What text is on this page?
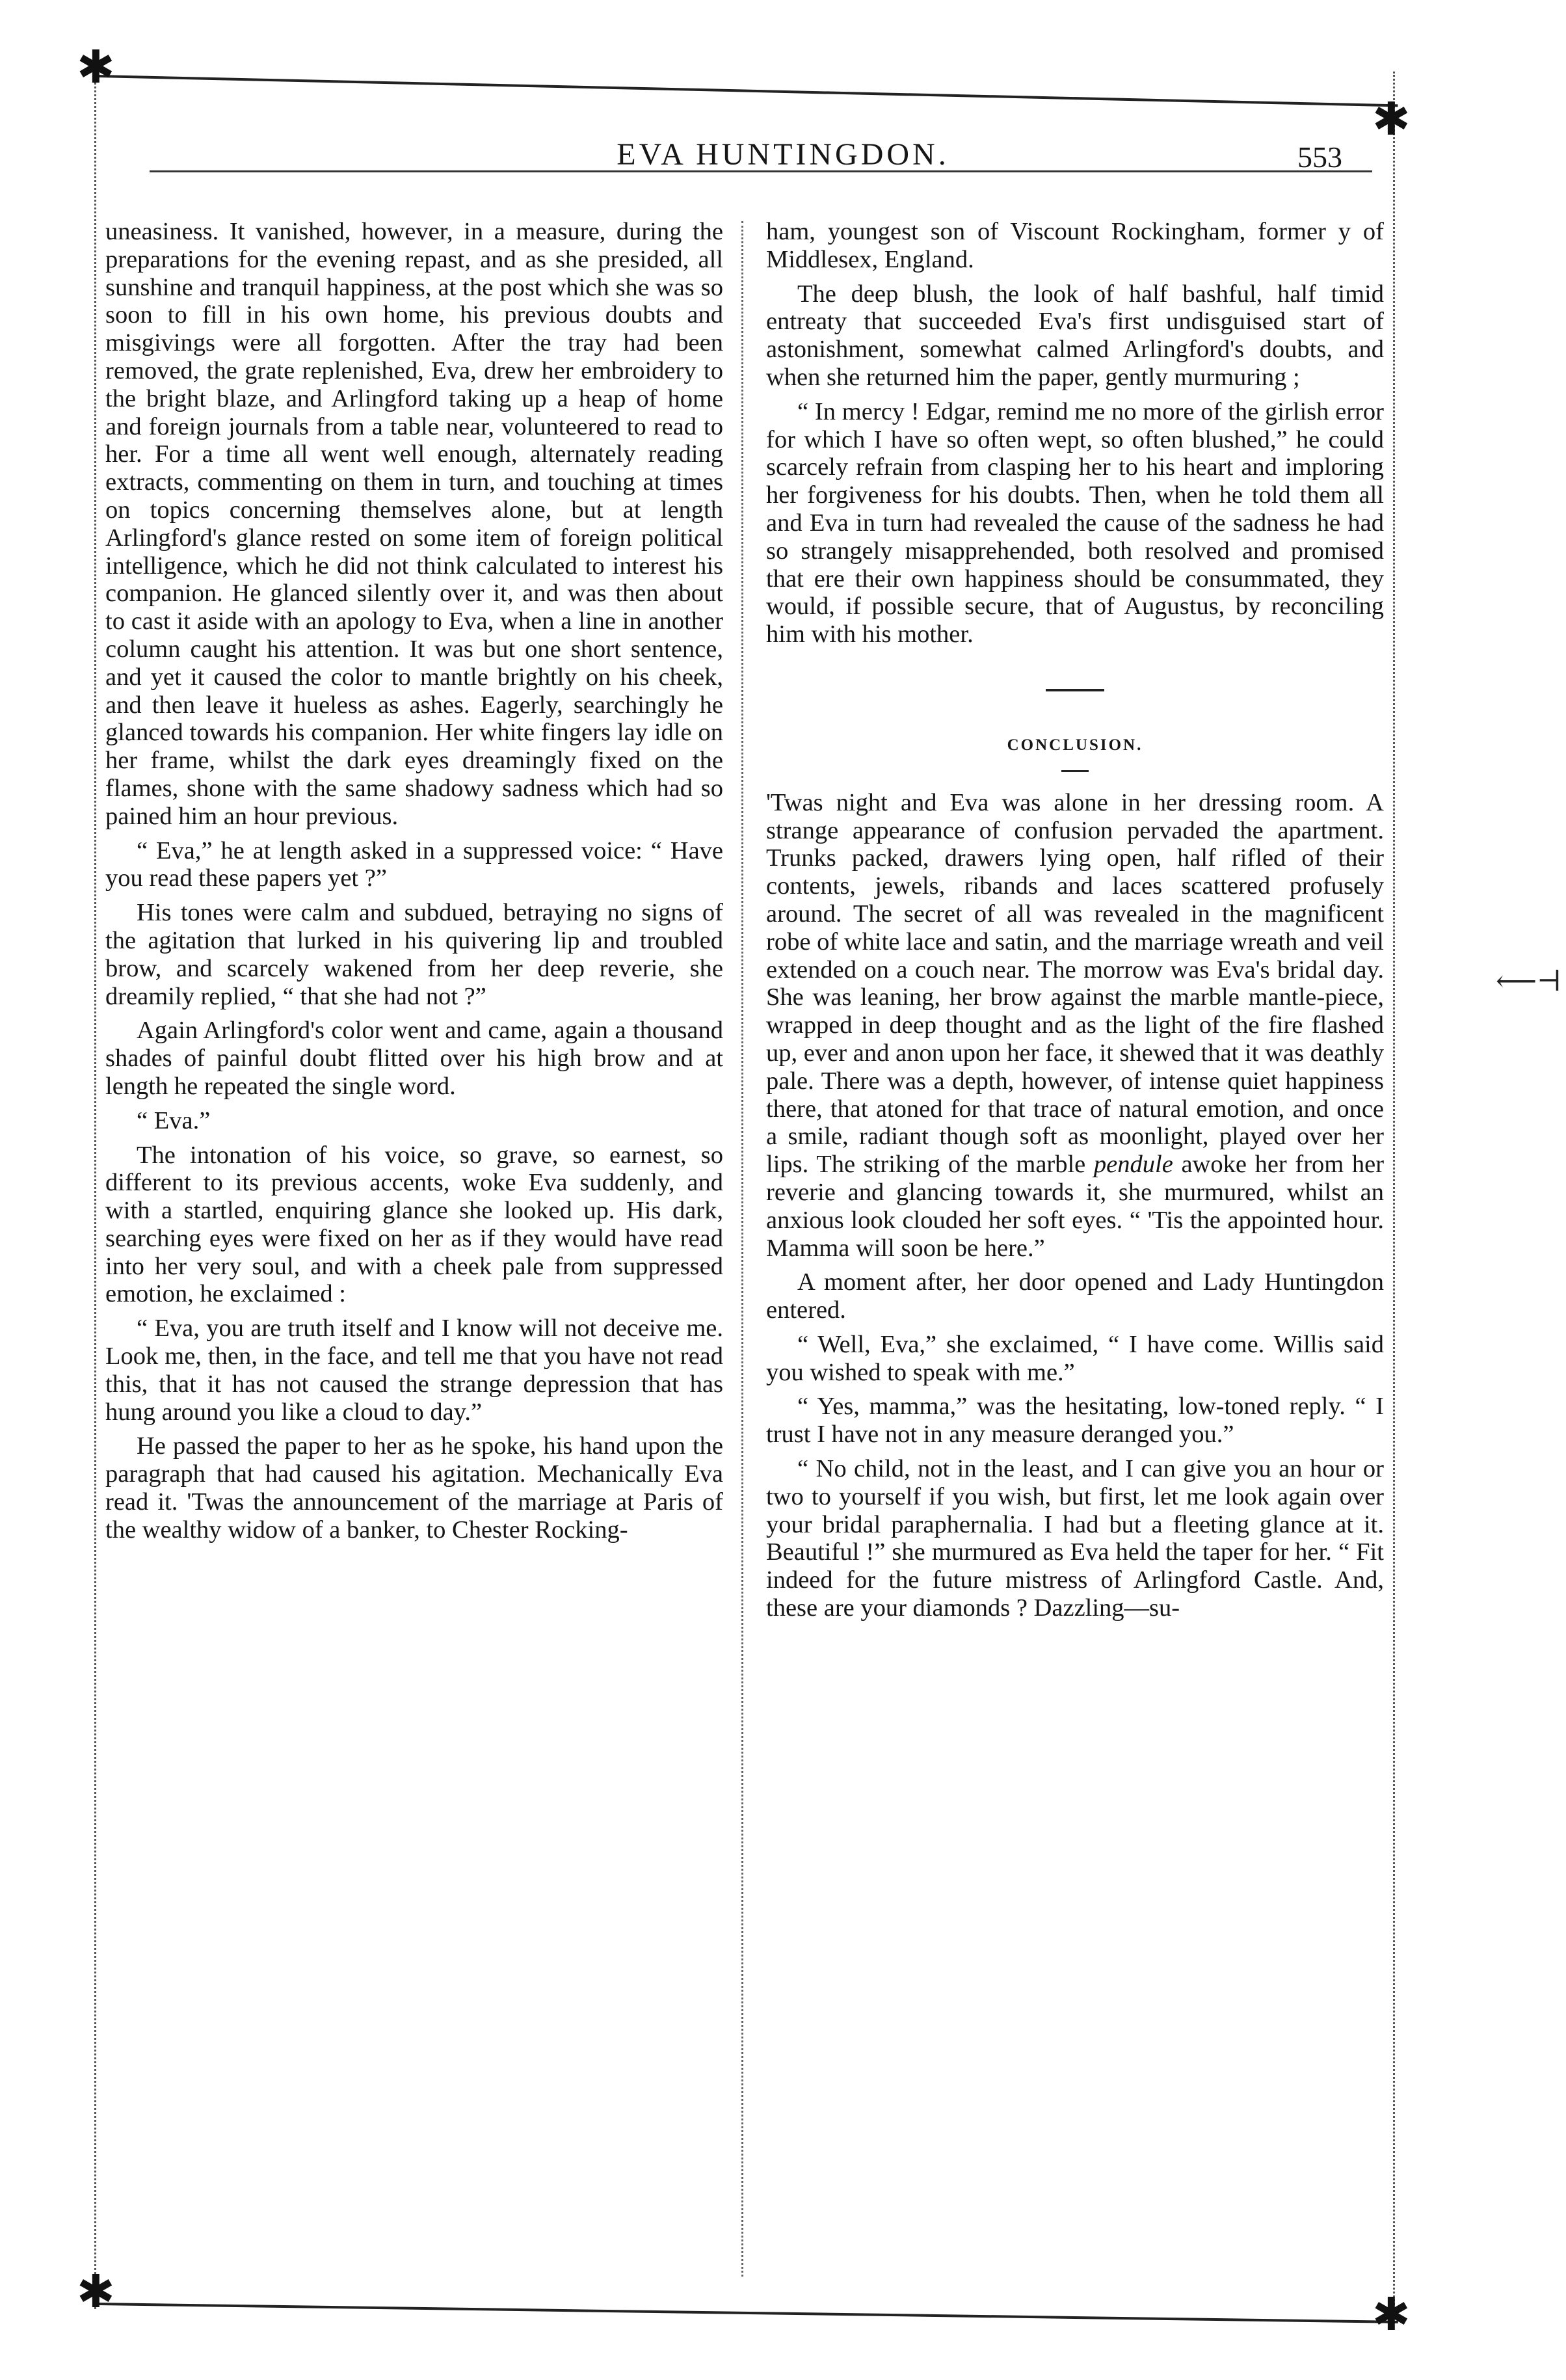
✱
✱
✱	✱
EVA HUNTINGDON.	553

uneasiness. It vanished, however, in a measure, during the preparations for the evening repast, and as she presided, all sunshine and tranquil happiness, at the post which she was so soon to fill in his own home, his previous doubts and misgivings were all forgotten. After the tray had been removed, the grate replenished, Eva, drew her embroidery to the bright blaze, and Arlingford taking up a heap of home and foreign journals from a table near, volunteered to read to her. For a time all went well enough, alternately reading extracts, commenting on them in turn, and touching at times on topics concerning themselves alone, but at length Arlingford's glance rested on some item of foreign political intelligence, which he did not think calculated to interest his companion. He glanced silently over it, and was then about to cast it aside with an apology to Eva, when a line in another column caught his attention. It was but one short sentence, and yet it caused the color to mantle brightly on his cheek, and then leave it hueless as ashes. Eagerly, searchingly he glanced towards his companion. Her white fingers lay idle on her frame, whilst the dark eyes dreamingly fixed on the flames, shone with the same shadowy sadness which had so pained him an hour previous.

“ Eva,” he at length asked in a suppressed voice: “ Have you read these papers yet ?”

His tones were calm and subdued, betraying no signs of the agitation that lurked in his quivering lip and troubled brow, and scarcely wakened from her deep reverie, she dreamily replied, “ that she had not ?”

Again Arlingford's color went and came, again a thousand shades of painful doubt flitted over his high brow and at length he repeated the single word.

“ Eva.”

The intonation of his voice, so grave, so earnest, so different to its previous accents, woke Eva suddenly, and with a startled, enquiring glance she looked up. His dark, searching eyes were fixed on her as if they would have read into her very soul, and with a cheek pale from suppressed emotion, he exclaimed :

“ Eva, you are truth itself and I know will not deceive me. Look me, then, in the face, and tell me that you have not read this, that it has not caused the strange depression that has hung around you like a cloud to day.”

He passed the paper to her as he spoke, his hand upon the paragraph that had caused his agitation. Mechanically Eva read it. 'Twas the announcement of the marriage at Paris of the wealthy widow of a banker, to Chester Rocking-

ham, youngest son of Viscount Rockingham, former y of Middlesex, England.

The deep blush, the look of half bashful, half timid entreaty that succeeded Eva's first undisguised start of astonishment, somewhat calmed Arlingford's doubts, and when she returned him the paper, gently murmuring ;

“ In mercy ! Edgar, remind me no more of the girlish error for which I have so often wept, so often blushed,” he could scarcely refrain from clasping her to his heart and imploring her forgiveness for his doubts. Then, when he told them all and Eva in turn had revealed the cause of the sadness he had so strangely misapprehended, both resolved and promised that ere their own happiness should be consummated, they would, if possible secure, that of Augustus, by reconciling him with his mother.

CONCLUSION.

'Twas night and Eva was alone in her dressing room. A strange appearance of confusion pervaded the apartment. Trunks packed, drawers lying open, half rifled of their contents, jewels, ribands and laces scattered profusely around. The secret of all was revealed in the magnificent robe of white lace and satin, and the marriage wreath and veil extended on a couch near. The morrow was Eva's bridal day. She was leaning, her brow against the marble mantle-piece, wrapped in deep thought and as the light of the fire flashed up, ever and anon upon her face, it shewed that it was deathly pale. There was a depth, however, of intense quiet happiness there, that atoned for that trace of natural emotion, and once a smile, radiant though soft as moonlight, played over her lips. The striking of the marble pendule awoke her from her reverie and glancing towards it, she murmured, whilst an anxious look clouded her soft eyes. “ 'Tis the appointed hour. Mamma will soon be here.”

A moment after, her door opened and Lady Huntingdon entered.

“ Well, Eva,” she exclaimed, “ I have come. Willis said you wished to speak with me.”

“ Yes, mamma,” was the hesitating, low-toned reply. “ I trust I have not in any measure deranged you.”

“ No child, not in the least, and I can give you an hour or two to yourself if you wish, but first, let me look again over your bridal paraphernalia. I had but a fleeting glance at it. Beautiful !” she murmured as Eva held the taper for her. “ Fit indeed for the future mistress of Arlingford Castle. And, these are your diamonds ? Dazzling—su-

⟵⊣
